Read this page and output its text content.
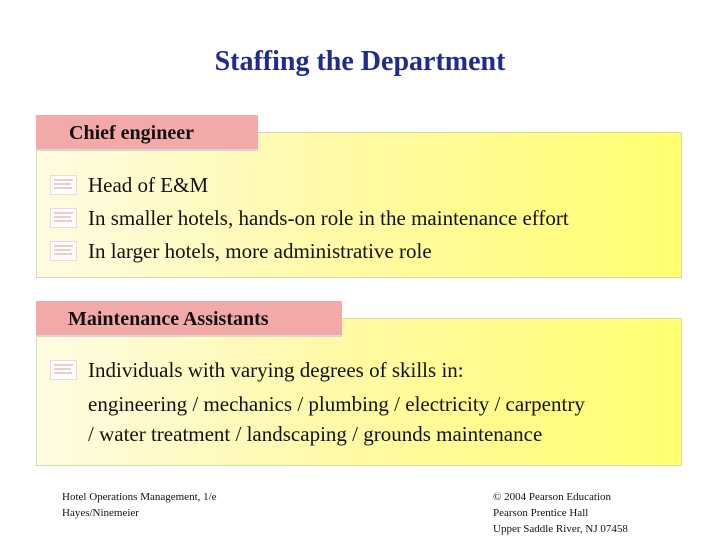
Staffing the Department
Chief engineer
Head of E&M
In smaller hotels, hands-on role in the maintenance effort
In larger hotels, more administrative role
Maintenance Assistants
Individuals with varying degrees of skills in:
engineering / mechanics / plumbing / electricity / carpentry
/ water treatment / landscaping / grounds maintenance
Hotel Operations Management, 1/e
Hayes/Ninemeier
© 2004 Pearson Education
Pearson Prentice Hall
Upper Saddle River, NJ 07458
